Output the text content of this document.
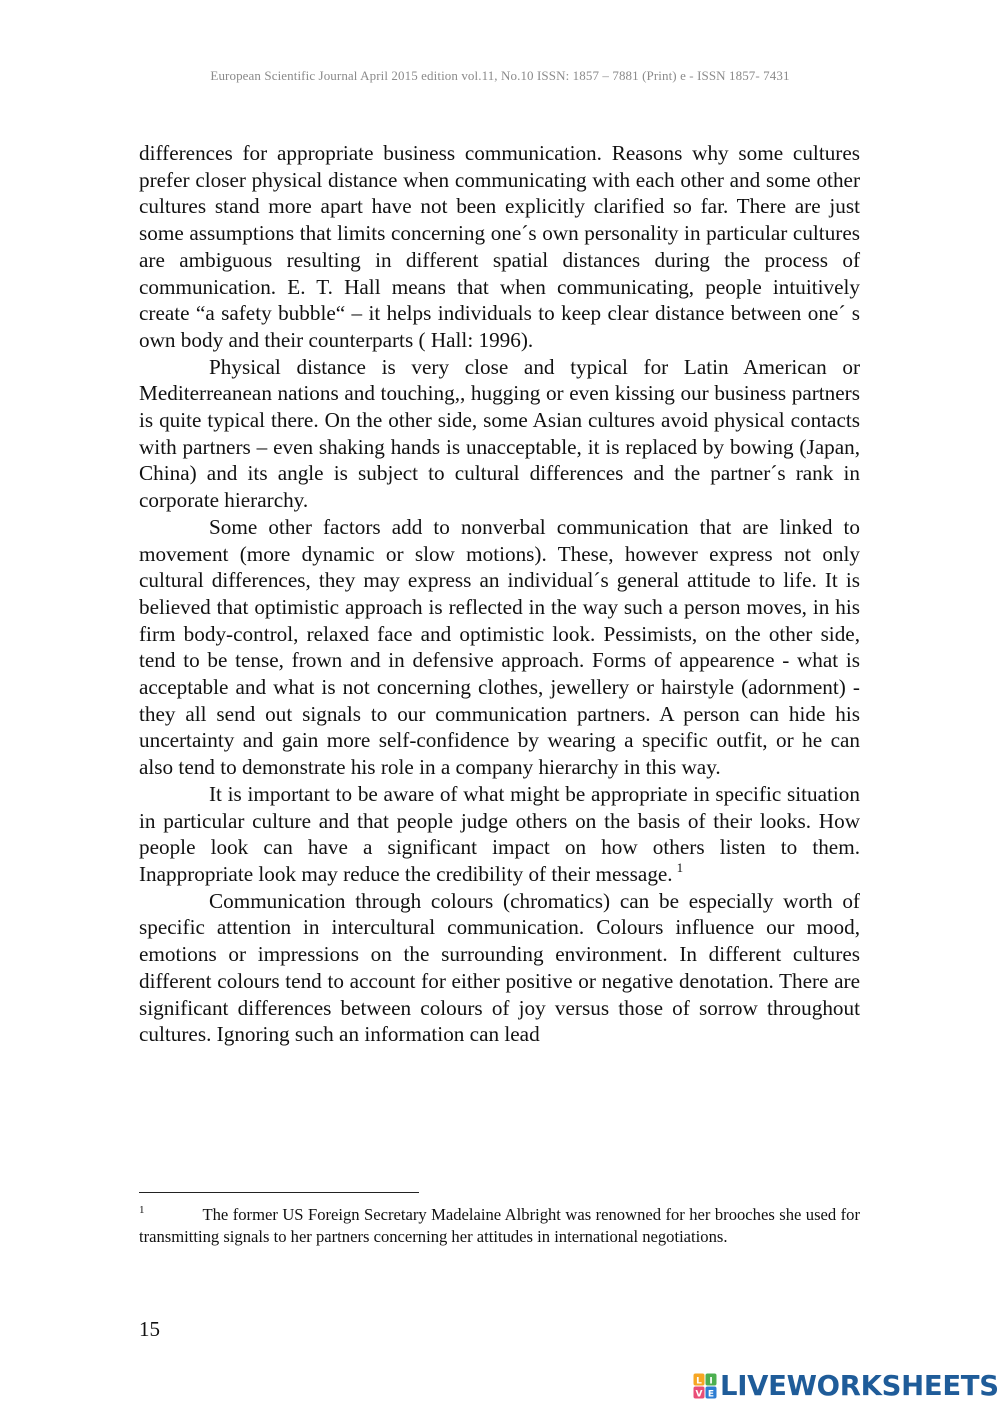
European Scientific Journal April 2015 edition vol.11, No.10 ISSN: 1857 – 7881 (Print) e - ISSN 1857- 7431

differences for appropriate business communication. Reasons why some cultures prefer closer physical distance when communicating with each other and some other cultures stand more apart have not been explicitly clarified so far. There are just some assumptions that limits concerning one´s own personality in particular cultures are ambiguous resulting in different spatial distances during the process of communication. E. T. Hall means that when communicating, people intuitively create “a safety bubble“ – it helps individuals to keep clear distance between one´ s own body and their counterparts ( Hall: 1996).

Physical distance is very close and typical for Latin American or Mediterreanean nations and touching,, hugging or even kissing our business partners is quite typical there. On the other side, some Asian cultures avoid physical contacts with partners – even shaking hands is unacceptable, it is replaced by bowing (Japan, China) and its angle is subject to cultural differences and the partner´s rank in corporate hierarchy.

Some other factors add to nonverbal communication that are linked to movement (more dynamic or slow motions). These, however express not only cultural differences, they may express an individual´s general attitude to life. It is believed that optimistic approach is reflected in the way such a person moves, in his firm body-control, relaxed face and optimistic look. Pessimists, on the other side, tend to be tense, frown and in defensive approach. Forms of appearence - what is acceptable and what is not concerning clothes, jewellery or hairstyle (adornment) - they all send out signals to our communication partners. A person can hide his uncertainty and gain more self-confidence by wearing a specific outfit, or he can also tend to demonstrate his role in a company hierarchy in this way.

It is important to be aware of what might be appropriate in specific situation in particular culture and that people judge others on the basis of their looks. How people look can have a significant impact on how others listen to them. Inappropriate look may reduce the credibility of their message. $^1$

Communication through colours (chromatics) can be especially worth of specific attention in intercultural communication. Colours influence our mood, emotions or impressions on the surrounding environment. In different cultures different colours tend to account for either positive or negative denotation. There are significant differences between colours of joy versus those of sorrow throughout cultures. Ignoring such an information can lead

$^1$	The former US Foreign Secretary Madelaine Albright was renowned for her brooches she used for transmitting signals to her partners concerning her attitudes in international negotiations.
15
L I
V E LIVEWORKSHEETS
